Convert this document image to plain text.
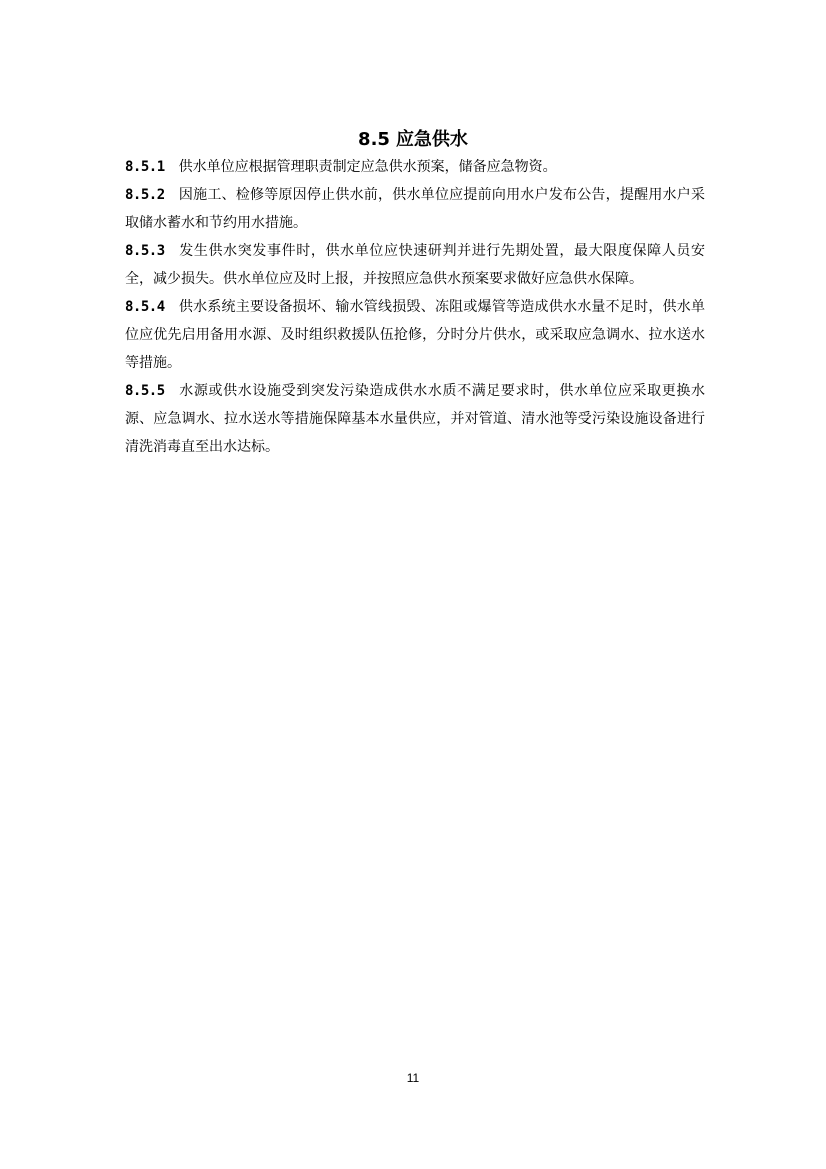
8.5 应急供水

8.5.1 供水单位应根据管理职责制定应急供水预案，储备应急物资。

8.5.2 因施工、检修等原因停止供水前，供水单位应提前向用水户发布公告，提醒用水户采取储水蓄水和节约用水措施。

8.5.3 发生供水突发事件时，供水单位应快速研判并进行先期处置，最大限度保障人员安全，减少损失。供水单位应及时上报，并按照应急供水预案要求做好应急供水保障。

8.5.4 供水系统主要设备损坏、输水管线损毁、冻阻或爆管等造成供水水量不足时，供水单位应优先启用备用水源、及时组织救援队伍抢修，分时分片供水，或采取应急调水、拉水送水等措施。

8.5.5 水源或供水设施受到突发污染造成供水水质不满足要求时，供水单位应采取更换水源、应急调水、拉水送水等措施保障基本水量供应，并对管道、清水池等受污染设施设备进行清洗消毒直至出水达标。

11
